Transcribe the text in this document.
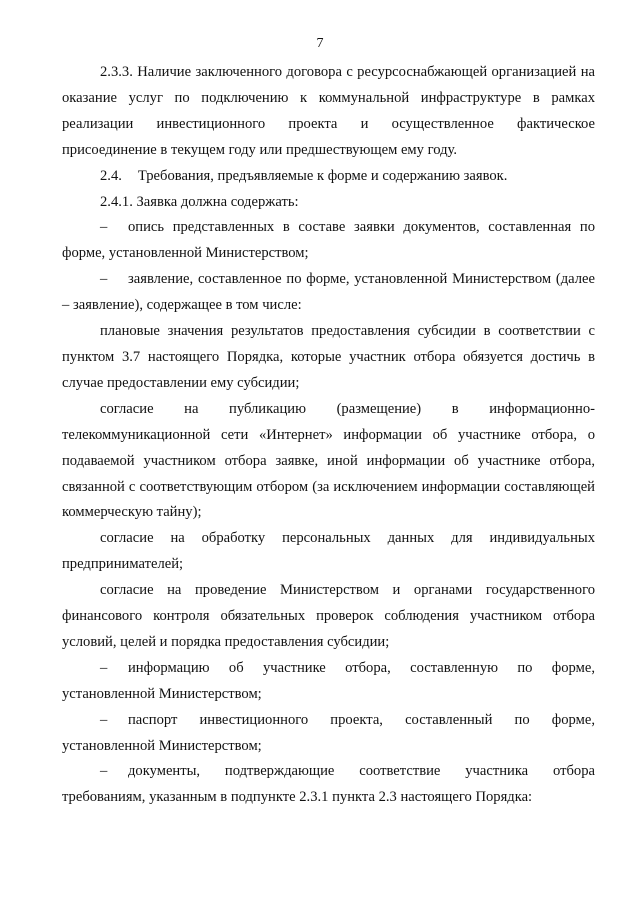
7

2.3.3. Наличие заключенного договора с ресурсоснабжающей организацией на оказание услуг по подключению к коммунальной инфраструктуре в рамках реализации инвестиционного проекта и осуществленное фактическое присоединение в текущем году или предшествующем ему году.

2.4. Требования, предъявляемые к форме и содержанию заявок.

2.4.1. Заявка должна содержать:

– опись представленных в составе заявки документов, составленная по форме, установленной Министерством;

– заявление, составленное по форме, установленной Министерством (далее – заявление), содержащее в том числе:

плановые значения результатов предоставления субсидии в соответствии с пунктом 3.7 настоящего Порядка, которые участник отбора обязуется достичь в случае предоставлении ему субсидии;

согласие на публикацию (размещение) в информационно-телекоммуникационной сети «Интернет» информации об участнике отбора, о подаваемой участником отбора заявке, иной информации об участнике отбора, связанной с соответствующим отбором (за исключением информации составляющей коммерческую тайну);

согласие на обработку персональных данных для индивидуальных предпринимателей;

согласие на проведение Министерством и органами государственного финансового контроля обязательных проверок соблюдения участником отбора условий, целей и порядка предоставления субсидии;

– информацию об участнике отбора, составленную по форме, установленной Министерством;

– паспорт инвестиционного проекта, составленный по форме, установленной Министерством;

– документы, подтверждающие соответствие участника отбора требованиям, указанным в подпункте 2.3.1 пункта 2.3 настоящего Порядка:
